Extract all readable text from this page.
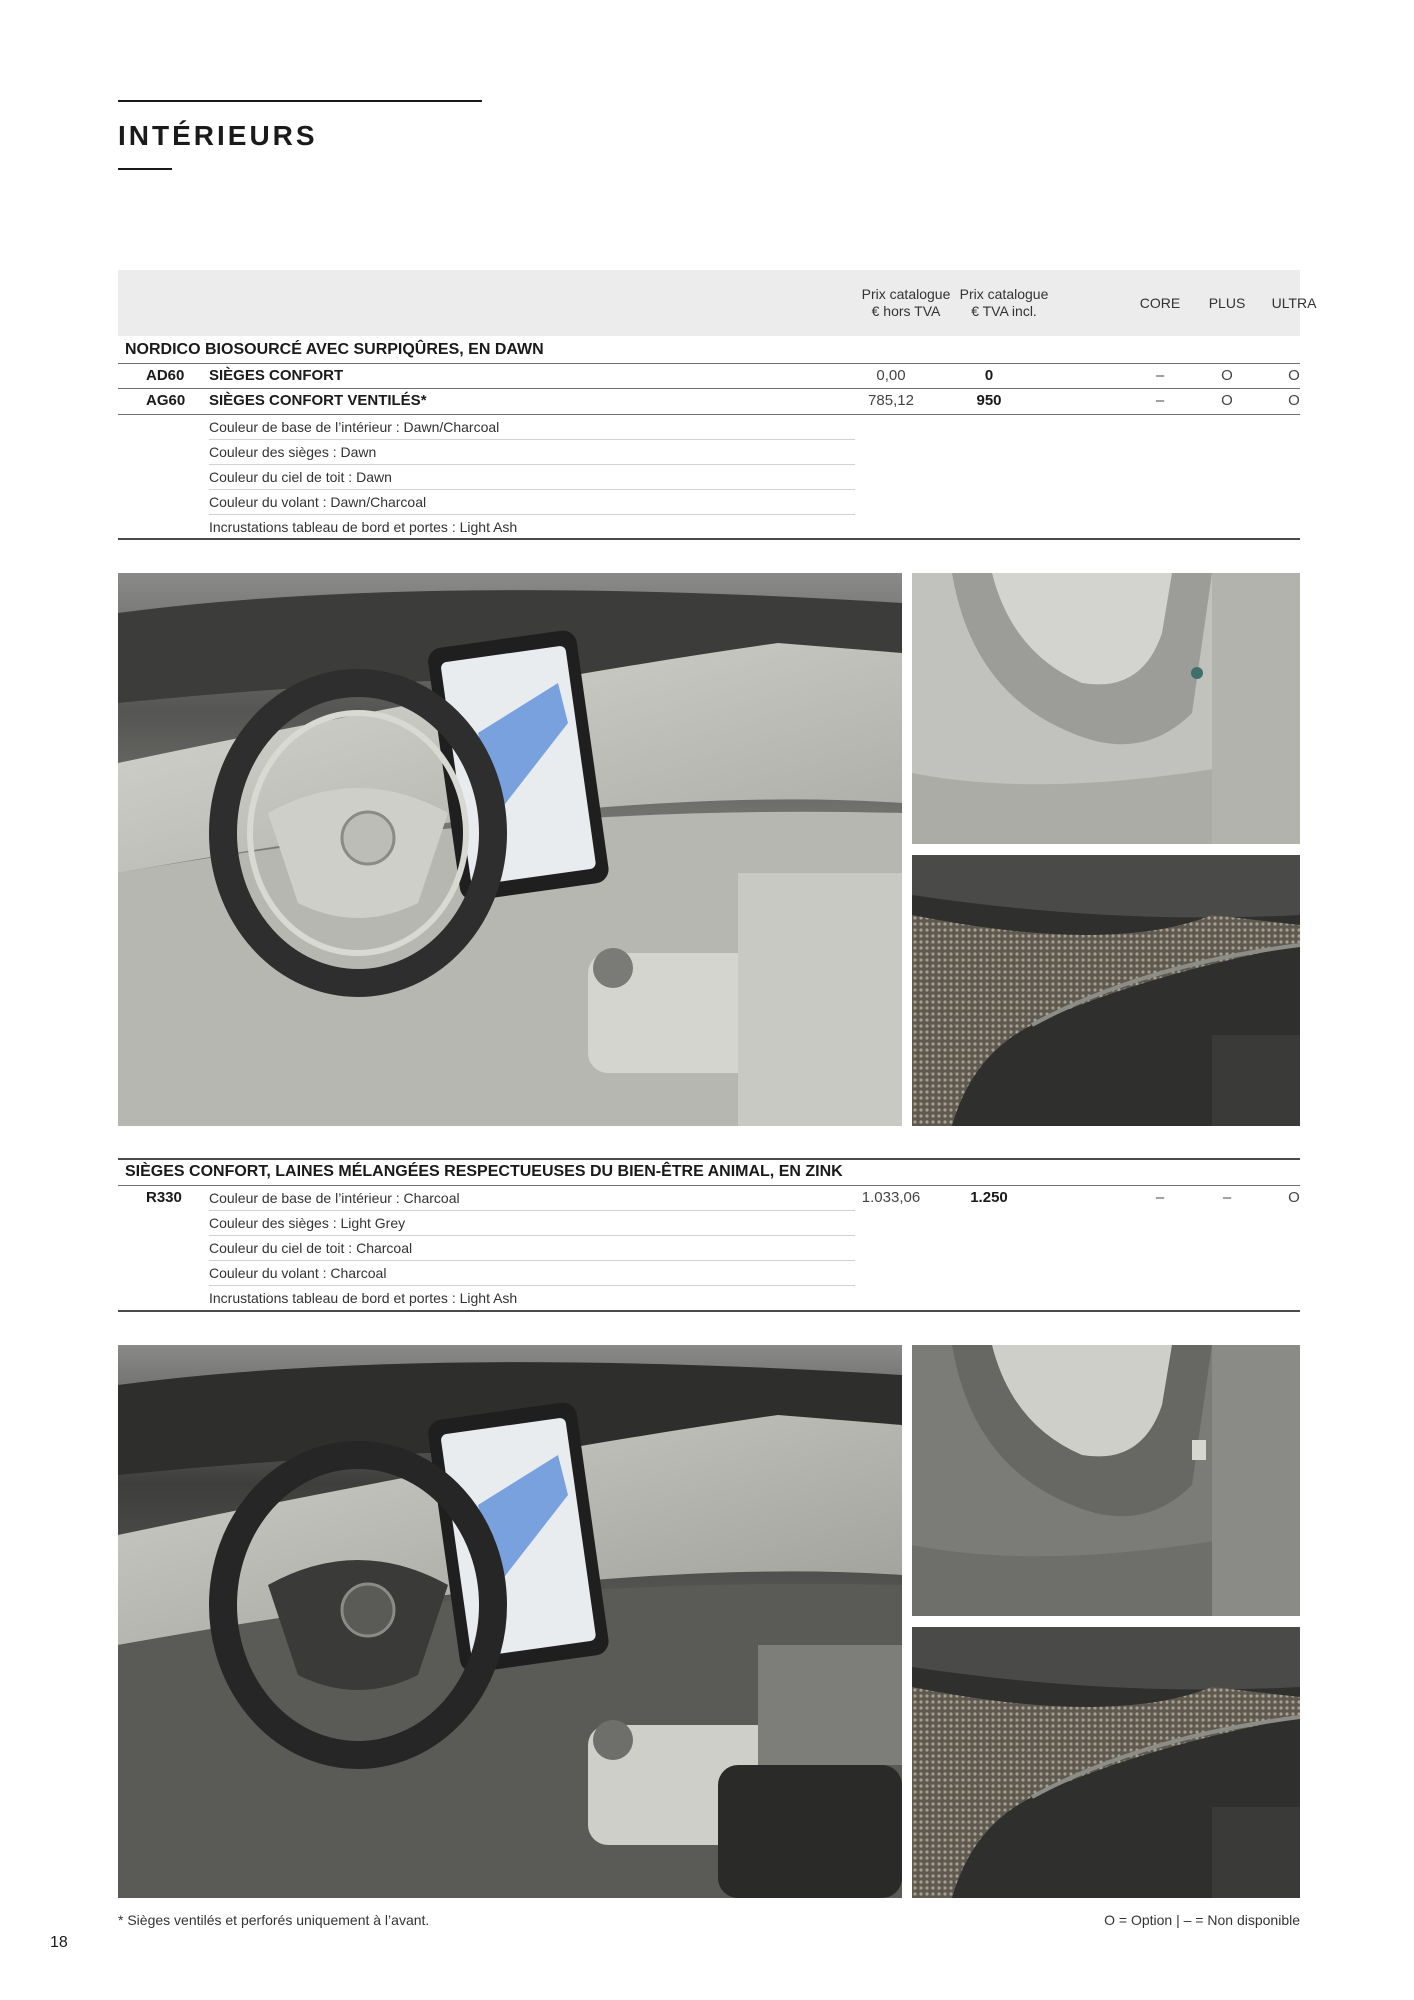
INTÉRIEURS
Prix catalogue
€ hors TVA
Prix catalogue
€ TVA incl.
CORE PLUS ULTRA
NORDICO BIOSOURCÉ AVEC SURPIQÛRES, EN DAWN
AD60 SIÈGES CONFORT	0,00	0	–	O	O
AG60 SIÈGES CONFORT VENTILÉS*	785,12	950	–	O	O
Couleur de base de l’intérieur : Dawn/Charcoal
Couleur des sièges : Dawn
Couleur du ciel de toit : Dawn
Couleur du volant : Dawn/Charcoal
Incrustations tableau de bord et portes : Light Ash
SIÈGES CONFORT, LAINES MÉLANGÉES RESPECTUEUSES DU BIEN-ÊTRE ANIMAL, EN ZINK
R330 Couleur de base de l’intérieur : Charcoal	1.033,06	1.250	–	–	O
Couleur des sièges : Light Grey
Couleur du ciel de toit : Charcoal
Couleur du volant : Charcoal
Incrustations tableau de bord et portes : Light Ash
* Sièges ventilés et perforés uniquement à l’avant.	O = Option | – = Non disponible
18
